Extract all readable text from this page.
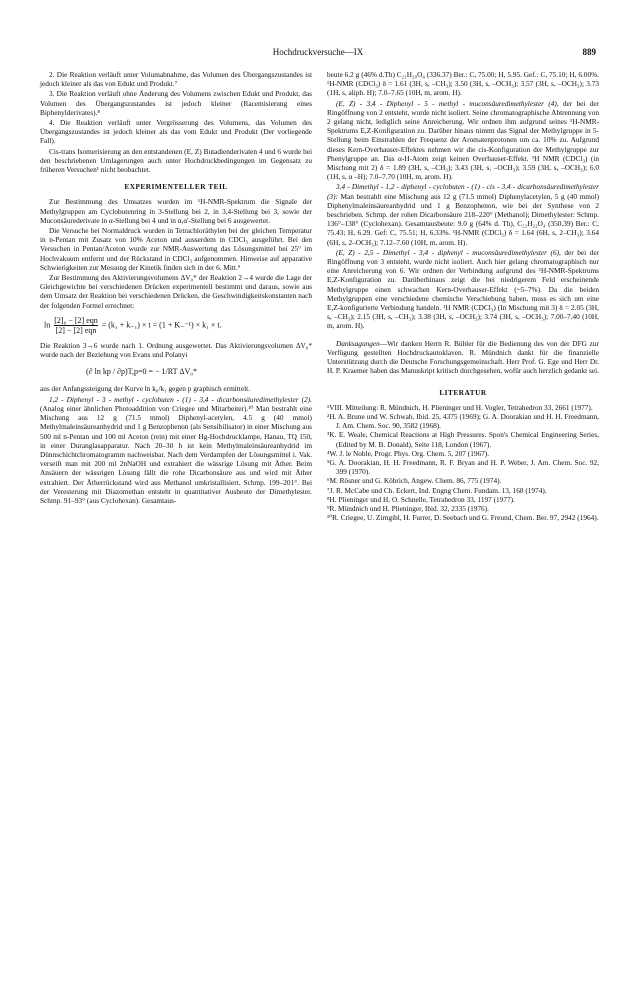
Hochdruckversuche—IX	889

2. Die Reaktion verläuft unter Volumabnahme, das Volumen des Übergangszustandes ist jedoch kleiner als das von Edukt und Produkt.⁷

3. Die Reaktion verläuft ohne Änderung des Volumens zwischen Edukt und Produkt, das Volumen des Übergangszustandes ist jedoch kleiner (Racemisierung eines Biphenylderivates).⁸

4. Die Reaktion verläuft unter Vergrösserung des Volumens, das Volumen des Übergangszustandes ist jedoch kleiner als das vom Edukt und Produkt (Der vorliegende Fall).

Cis-trans Isomerisierung an den entstandenen (E, Z) Butadienderivaten 4 und 6 wurde bei den beschriebenen Umlagerungen auch unter Hochdruckbedingungen im Gegensatz zu früheren Versuchen¹ nicht beobachtet.

EXPERIMENTELLER TEIL

Zur Bestimmung des Umsatzes wurden im ¹H-NMR-Spektrum die Signale der Methylgruppen am Cyclobutenring in 3-Stellung bei 2, in 3,4-Stellung bei 3, sowie der Muconsäurederivate in α-Stellung bei 4 und in α,α'-Stellung bei 6 ausgewertet.

Die Versuche bei Normaldruck wurden in Tetrachloräthylen bei der gleichen Temperatur in n-Pentan mit Zusatz von 10% Aceton und ausserdem in CDCl₃ ausgeführt. Bei den Versuchen in Pentan/Aceton wurde zur NMR-Auswertung das Lösungsmittel bei 25° im Hochvakuum entfernt und der Rückstand in CDCl₃ aufgenommen. Hinweise auf apparative Schwierigkeiten zur Messung der Kinetik finden sich in der 6. Mitt.⁹

Zur Bestimmung des Aktivierungsvolumens ΔV₀* der Reaktion 2→4 wurde die Lage der Gleichgewichte bei verschiedenen Drücken experimentell bestimmt und daraus, sowie aus dem Umsatz der Reaktion bei verschiedenen Drücken, die Geschwindigkeitskonstanten nach der folgenden Formel errechnet:

$\ln \frac{\text{[2]₀ − [2] eqn}}{\text{[2] − [2] eqn}} = (k_1 + k_{-1}) \times t = (1 + K_-^{-1}) \times k_1 \times t$.

Die Reaktion 3→6 wurde nach 1. Ordnung ausgewertet. Das Aktivierungsvolumen ΔV₀* wurde nach der Beziehung von Evans und Polanyi

(∂ ln kp / ∂p)T,p=0 = − 1/RT ΔV₀*

aus der Anfangssteigung der Kurve ln k₀/k₁ gegen p graphisch ermittelt.

1,2 - Diphenyl - 3 - methyl - cyclobuten - (1) - 3,4 - dicarbonsäuredimethylester (2). (Analog einer ähnlichen Photoaddition von Criegee und Mitarbeiter).¹⁰ Man bestrahlt eine Mischung aus 12 g (71.5 mmol) Diphenyl-acetylen, 4.5 g (40 mmol) Methylmaleinsäureanhydrid und 1 g Benzophenon (als Sensibilisator) in einer Mischung aus 500 ml n-Pentan und 100 ml Aceton (rein) mit einer Hg-Hochdrucklampe, Hanau, TQ 150, in einer Duranglasapparatur. Nach 20–30 h ist kein Methylmaleinsäureanhydrid im Dünnschichtchromatogramm nachweisbar. Nach dem Verdampfen der Lösungsmittel i. Vak. verseift man mit 200 ml 2nNaOH und extrahiert die wässrige Lösung mit Äther. Beim Ansäuern der wässrigen Lösung fällt die rohe Dicarbonsäure aus und wird mit Äther extrahiert. Der Ätherrückstand wird aus Methanol umkristallisiert. Schmp. 199–201°. Bei der Veresterung mit Diazomethan entsteht in quantitativer Ausbeute der Dimethylester. Schmp. 91–93° (aus Cyclohexan). Gesamtaus-

beute 6.2 g (46% d.Th) C₂₁H₂₀O₄ (336.37) Ber.: C, 75.00; H, 5.95. Gef.: C, 75.10; H, 6.00%. ¹H-NMR (CDCl₃) δ = 1.61 (3H, s, –CH₃); 3.50 (3H, s, –OCH₃); 3.57 (3H, s, –OCH₃); 3.73 (1H, s, aliph. H); 7.0–7.65 (10H, m, arom. H).

(E, Z) - 3,4 - Diphenyl - 5 - methyl - muconsäuredimethylester (4), der bei der Ringöffnung von 2 entsteht, wurde nicht isoliert. Seine chromatographische Abtrennung von 2 gelang nicht, lediglich seine Anreicherung. Wir ordnen ihm aufgrund seines ¹H-NMR-Spektrums E,Z-Konfiguration zu. Darüber hinaus nimmt das Signal der Methylgruppe in 5-Stellung beim Einstrahlen der Frequenz der Aromatenprotonen um ca. 10% zu. Aufgrund dieses Kern-Overhauser-Effektes nehmen wir die cis-Konfiguration der Methylgruppe zur Phenylgruppe an. Das α-H-Atom zeigt keinen Overhauser-Effekt. ¹H NMR (CDCl₃) (in Mischung mit 2) δ = 1.89 (3H, s, –CH₃); 3.43 (3H, s, –OCH₃); 3.59 (3H, s, –OCH₃); 6.0 (1H, s, α –H); 7.0–7.70 (10H, m, arom. H).

3,4 - Dimethyl - 1,2 - diphenyl - cyclobuten - (1) - cis - 3,4 - dicarbonsäuredimethylester (3): Man bestrahlt eine Mischung aus 12 g (71.5 mmol) Diphenylacetylen, 5 g (40 mmol) Diphenylmaleinsäureanhydrid und 1 g Benzophenon, wie bei der Synthese von 2 beschrieben. Schmp. der rohen Dicarbonsäure 218–220° (Methanol); Dimethylester: Schmp. 136°–138° (Cyclohexan). Gesamtausbeute: 9.0 g (64% d. Th), C₂₂H₂₂O₄ (350.39) Ber.: C, 75.43; H, 6.29. Gef: C, 75.51; H, 6.33%. ¹H-NMR (CDCl₃) δ = 1.64 (6H, s, 2–CH₃); 3.64 (6H, s, 2–OCH₃); 7.12–7.60 (10H, m, arom. H).

(E, Z) - 2,5 - Dimethyl - 3,4 - diphenyl - muconsäuredimethylester (6), der bei der Ringöffnung von 3 entsteht, wurde nicht isoliert. Auch hier gelang chromatographisch nur eine Anreicherung von 6. Wir ordnen der Verbindung aufgrund des ¹H-NMR-Spektrums E,Z-Konfiguration zu. Darüberhinaus zeigt die bei niedrigerem Feld erscheinende Methylgruppe einen schwachen Kern-Overhauser-Effekt (~5–7%). Da die beiden Methylgruppen eine verschiedene chemische Verschiebung haben, muss es sich um eine E,Z-konfigurierte Verbindung handeln. ¹H NMR (CDCl₃) (In Mischung mit 3) δ = 2.05 (3H, s, –CH₃); 2.15 (3H, s, –CH₃); 3.38 (3H, s, –OCH₃); 3.74 (3H, s, –OCH₃); 7.00–7.40 (10H, m, arom. H).

Danksagungen—Wir danken Herrn R. Bühler für die Bedienung des von der DFG zur Verfügung gestellten Hochdruckautoklaven. R. Mündnich dankt für die finanzielle Unterstützung durch die Deutsche Forschungsgemeinschaft. Herr Prof. G. Ege und Herr Dr. H. P. Kraemer haben das Manuskript kritisch durchgesehen, wofür auch herzlich gedankt sei.

LITERATUR

¹VIII. Mitteilung: R. Mündnich, H. Plieninger und H. Vogler, Tetrahedron 33, 2661 (1977).

²H. A. Brune und W. Schwab, Ibid. 25, 4375 (1969); G. A. Doorakian und H. H. Freedmann, J. Am. Chem. Soc. 90, 3582 (1968).

³K. E. Weale, Chemical Reactions at High Pressures. Spon's Chemical Engineering Series, (Edited by M. B. Donald), Seite 118, London (1967).

⁴W. J. le Noble, Progr. Phys. Org. Chem. 5, 207 (1967).

⁵G. A. Doorakian, H. H. Freedmann, R. F. Bryan and H. P. Weber, J. Am. Chem. Soc. 92, 399 (1970).

⁶M. Rösner und G. Köbrich, Angew. Chem. 86, 775 (1974).

⁷J. R. McCabe und Ch. Eckert, Ind. Engng Chem. Fundam. 13, 168 (1974).

⁸H. Plieninger und H. O. Schnelle, Tetrahedron 33, 1197 (1977).

⁹R. Mündnich und H. Plieninger, Ibid. 32, 2335 (1976).

¹⁰R. Criegee, U. Zirngibl, H. Furrer, D. Seebach und G. Freund, Chem. Ber. 97, 2942 (1964).
